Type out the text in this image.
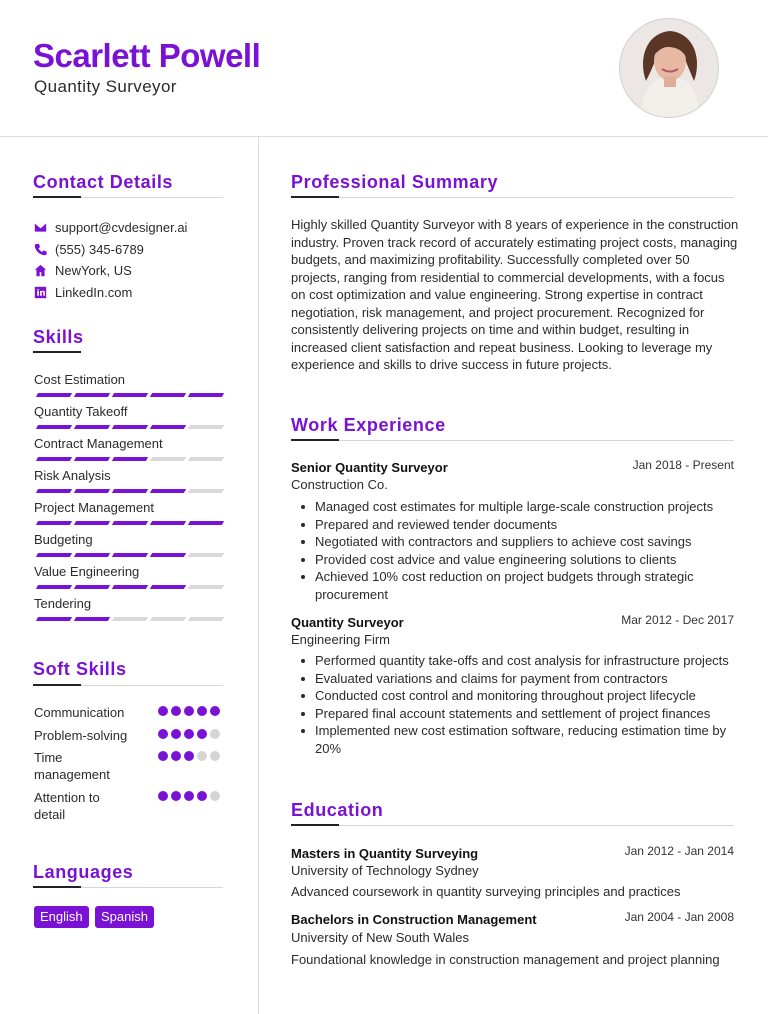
Scarlett Powell
Quantity Surveyor
Contact Details
support@cvdesigner.ai
(555) 345-6789
NewYork, US
LinkedIn.com
Skills
Cost Estimation
Quantity Takeoff
Contract Management
Risk Analysis
Project Management
Budgeting
Value Engineering
Tendering
Soft Skills
Communication
Problem-solving
Time management
Attention to detail
Languages
English	Spanish
Professional Summary
Highly skilled Quantity Surveyor with 8 years of experience in the construction industry. Proven track record of accurately estimating project costs, managing budgets, and maximizing profitability. Successfully completed over 50 projects, ranging from residential to commercial developments, with a focus on cost optimization and value engineering. Strong expertise in contract negotiation, risk management, and project procurement. Recognized for consistently delivering projects on time and within budget, resulting in increased client satisfaction and repeat business. Looking to leverage my experience and skills to drive success in future projects.
Work Experience
Senior Quantity Surveyor	Jan 2018 - Present
Construction Co.
Managed cost estimates for multiple large-scale construction projects
Prepared and reviewed tender documents
Negotiated with contractors and suppliers to achieve cost savings
Provided cost advice and value engineering solutions to clients
Achieved 10% cost reduction on project budgets through strategic procurement
Quantity Surveyor	Mar 2012 - Dec 2017
Engineering Firm
Performed quantity take-offs and cost analysis for infrastructure projects
Evaluated variations and claims for payment from contractors
Conducted cost control and monitoring throughout project lifecycle
Prepared final account statements and settlement of project finances
Implemented new cost estimation software, reducing estimation time by 20%
Education
Masters in Quantity Surveying	Jan 2012 - Jan 2014
University of Technology Sydney
Advanced coursework in quantity surveying principles and practices
Bachelors in Construction Management	Jan 2004 - Jan 2008
University of New South Wales
Foundational knowledge in construction management and project planning
